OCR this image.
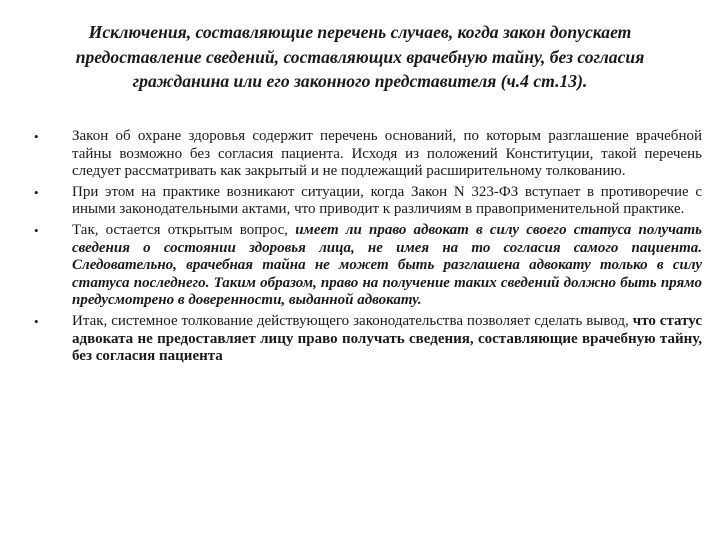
Исключения, составляющие перечень случаев, когда закон допускает предоставление сведений, составляющих врачебную тайну, без согласия гражданина или его законного представителя (ч.4 ст.13).
•	Закон об охране здоровья содержит перечень оснований, по которым разглашение врачебной тайны возможно без согласия пациента. Исходя из положений Конституции, такой перечень следует рассматривать как закрытый и не подлежащий расширительному толкованию.
•	При этом на практике возникают ситуации, когда Закон N 323-ФЗ вступает в противоречие с иными законодательными актами, что приводит к различиям в правоприменительной практике.
•	Так, остается открытым вопрос, имеет ли право адвокат в силу своего статуса получать сведения о состоянии здоровья лица, не имея на то согласия самого пациента. Следовательно, врачебная тайна не может быть разглашена адвокату только в силу статуса последнего. Таким образом, право на получение таких сведений должно быть прямо предусмотрено в доверенности, выданной адвокату.
•	Итак, системное толкование действующего законодательства позволяет сделать вывод, что статус адвоката не предоставляет лицу право получать сведения, составляющие врачебную тайну, без согласия пациента
